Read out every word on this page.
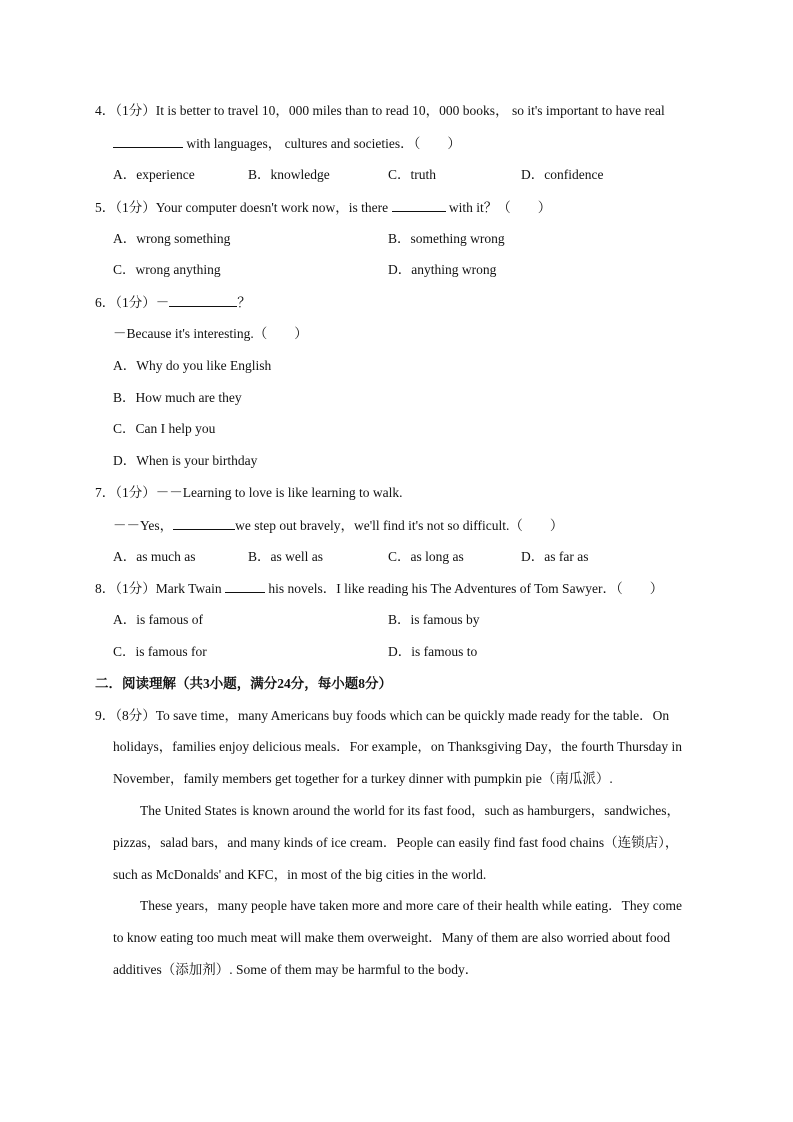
4．（1分）It is better to travel 10，000 miles than to read 10，000 books， so it's important to have real
with languages， cultures and societies．（　　）
A．experience	B．knowledge	C．truth	D．confidence
5．（1分）Your computer doesn't work now，is there	with it？（　　）
A．wrong something	B．something wrong
C．wrong anything	D．anything wrong
6．（1分）－	？
－Because it's interesting.（　　）
A．Why do you like English
B．How much are they
C．Can I help you
D．When is your birthday
7．（1分）－－Learning to love is like learning to walk.
－－Yes，	we step out bravely，we'll find it's not so difficult.（　　）
A．as much as	B．as well as	C．as long as	D．as far as
8．（1分）Mark Twain	his novels．I like reading his The Adventures of Tom Sawyer．（　　）
A．is famous of	B．is famous by
C．is famous for	D．is famous to
二．阅读理解（共3小题，满分24分，每小题8分）
9．（8分）To save time，many Americans buy foods which can be quickly made ready for the table．On
holidays，families enjoy delicious meals．For example，on Thanksgiving Day，the fourth Thursday in
November，family members get together for a turkey dinner with pumpkin pie（南瓜派）.
The United States is known around the world for its fast food，such as hamburgers，sandwiches，
pizzas，salad bars，and many kinds of ice cream．People can easily find fast food chains（连锁店），
such as McDonalds' and KFC，in most of the big cities in the world.
These years，many people have taken more and more care of their health while eating．They come
to know eating too much meat will make them overweight．Many of them are also worried about food
additives（添加剂）. Some of them may be harmful to the body．
